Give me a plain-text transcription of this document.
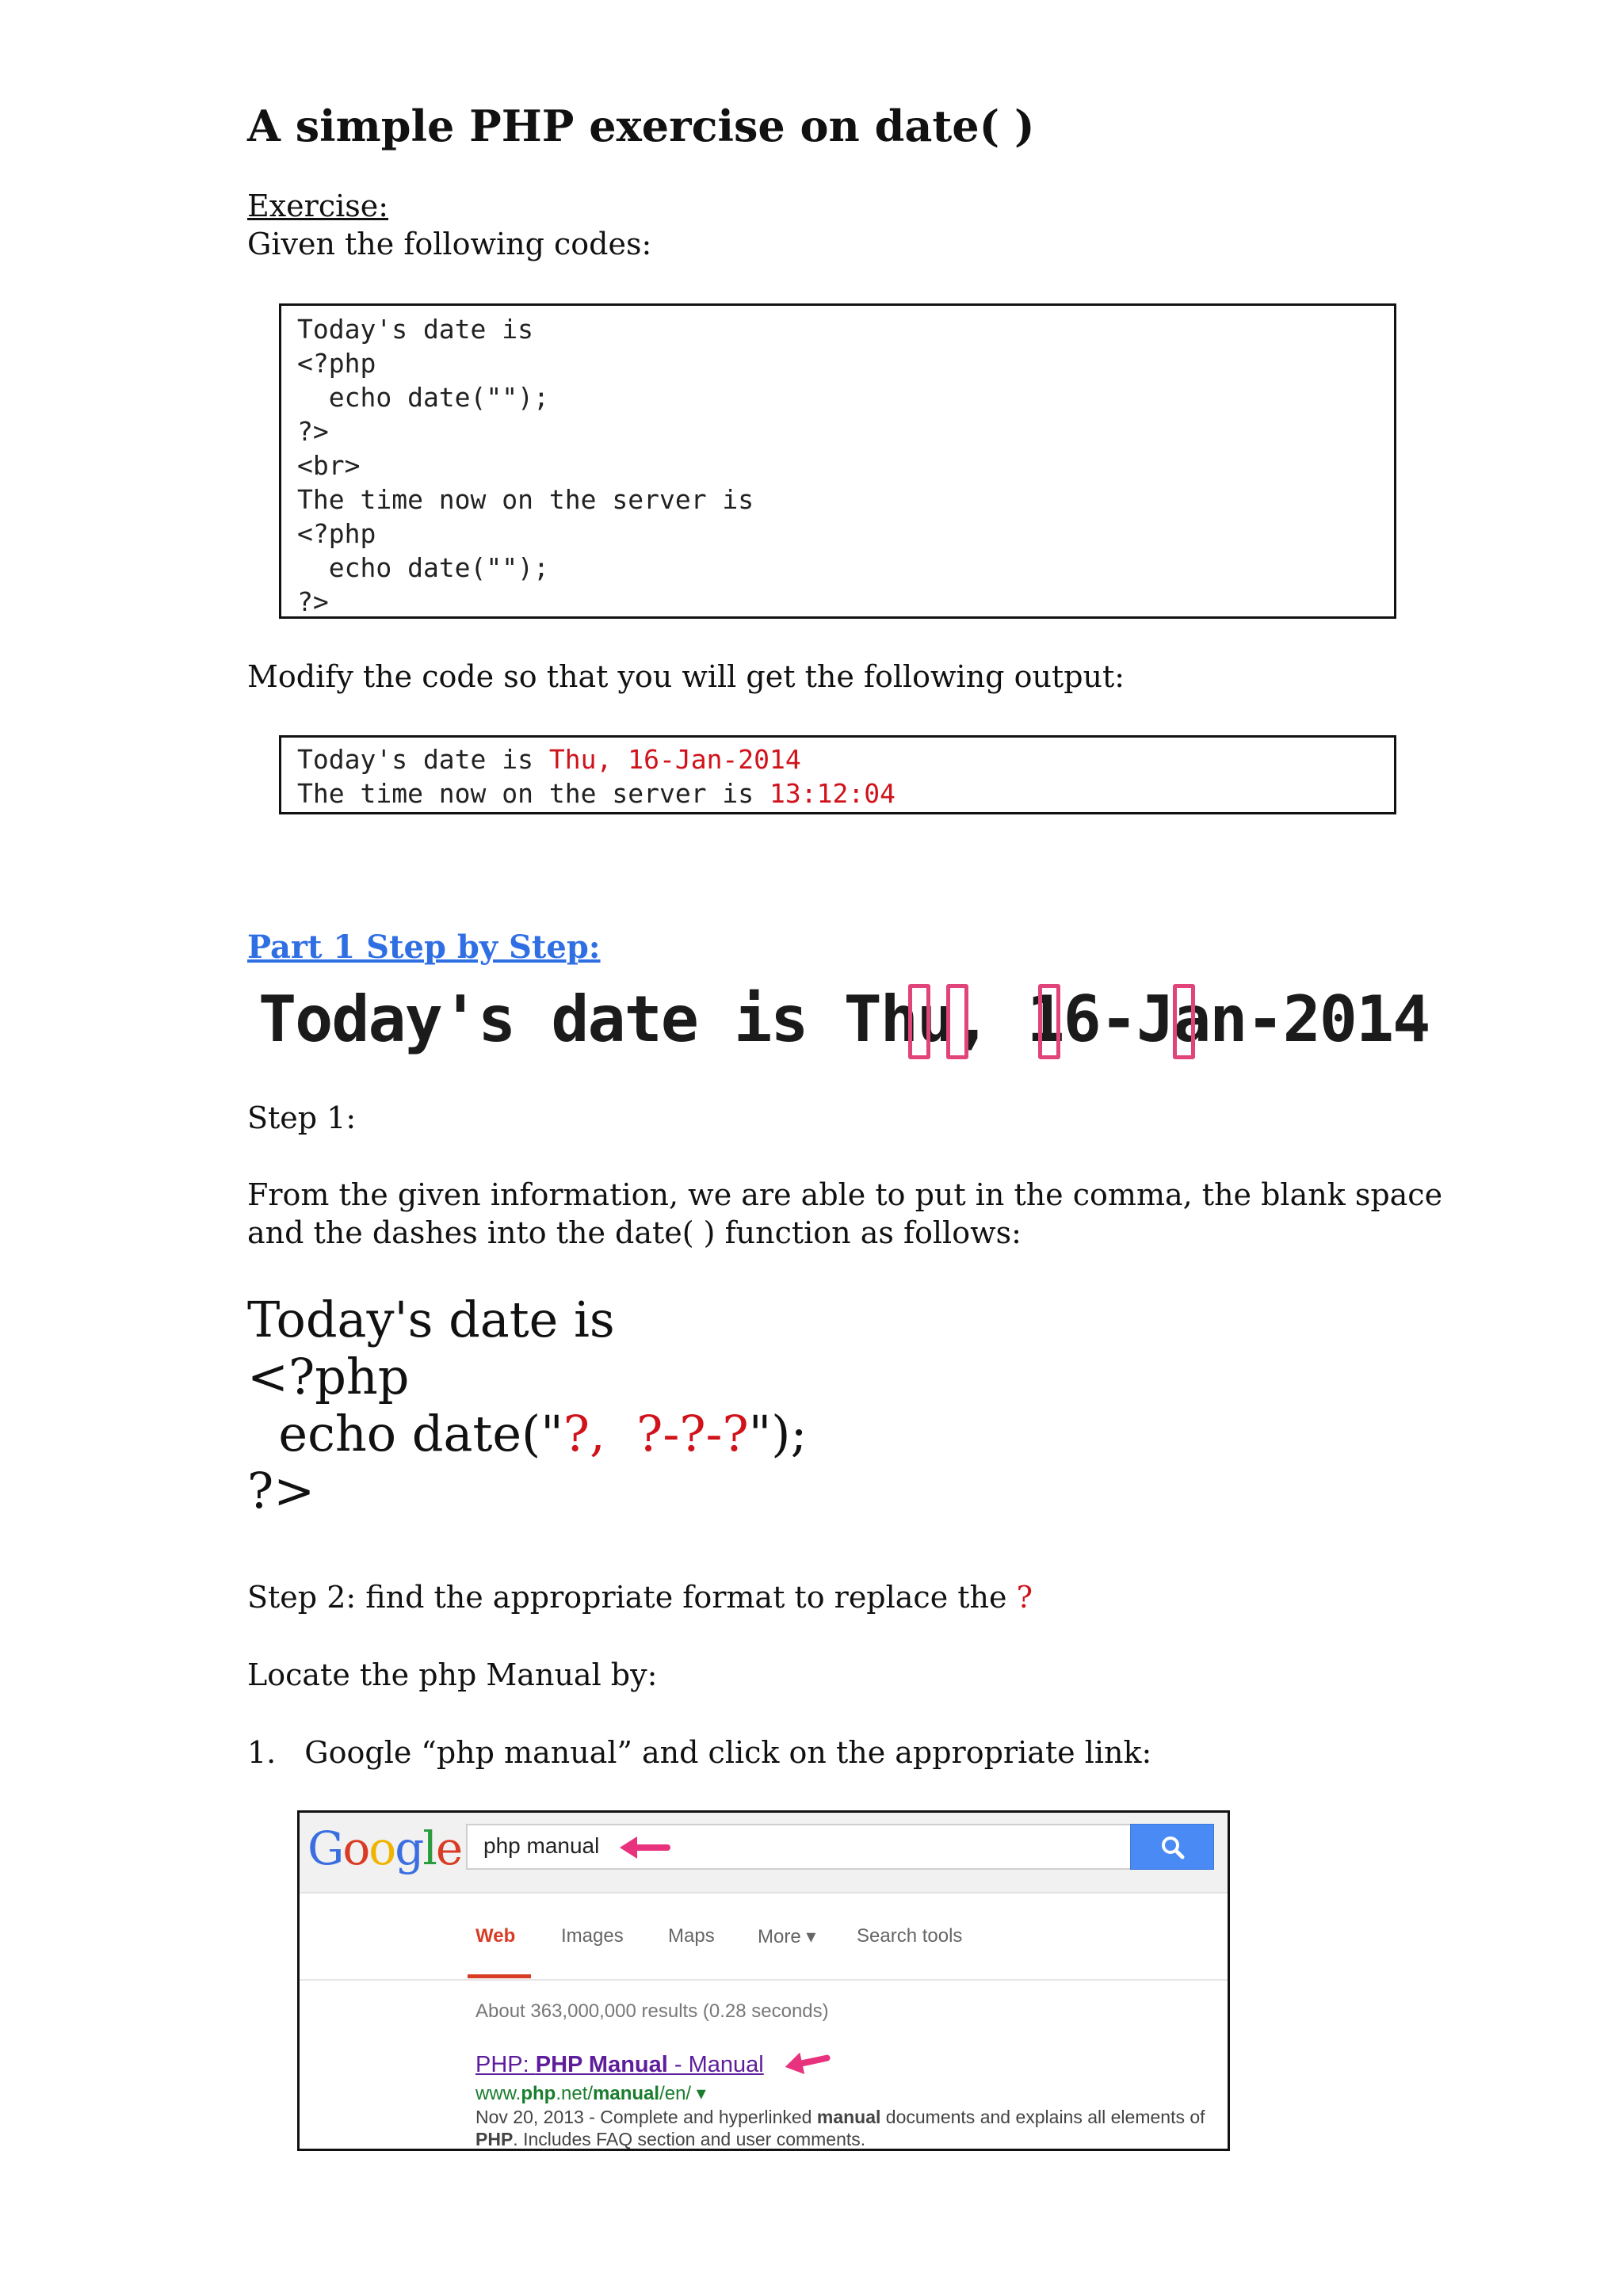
A simple PHP exercise on date( )
Exercise:
Given the following codes:
Today's date is
<?php
echo date("");
?>
<br>
The time now on the server is
<?php
echo date("");
?>
Modify the code so that you will get the following output:
Today's date is Thu, 16-Jan-2014
The time now on the server is 13:12:04
Part 1 Step by Step:
Today's date is Thu, 16-Jan-2014
Step 1:
From the given information, we are able to put in the comma, the blank space
and the dashes into the date( ) function as follows:
Today's date is
<?php
echo date("?,  ?-?-?");
?>
Step 2: find the appropriate format to replace the ?
Locate the php Manual by:
1. Google “php manual” and click on the appropriate link:
Google php manual
Web Images Maps More ▾ Search tools
About 363,000,000 results (0.28 seconds)
PHP: PHP Manual - Manual
www.php.net/manual/en/ ▾
Nov 20, 2013 - Complete and hyperlinked manual documents and explains all elements of PHP. Includes FAQ section and user comments.
